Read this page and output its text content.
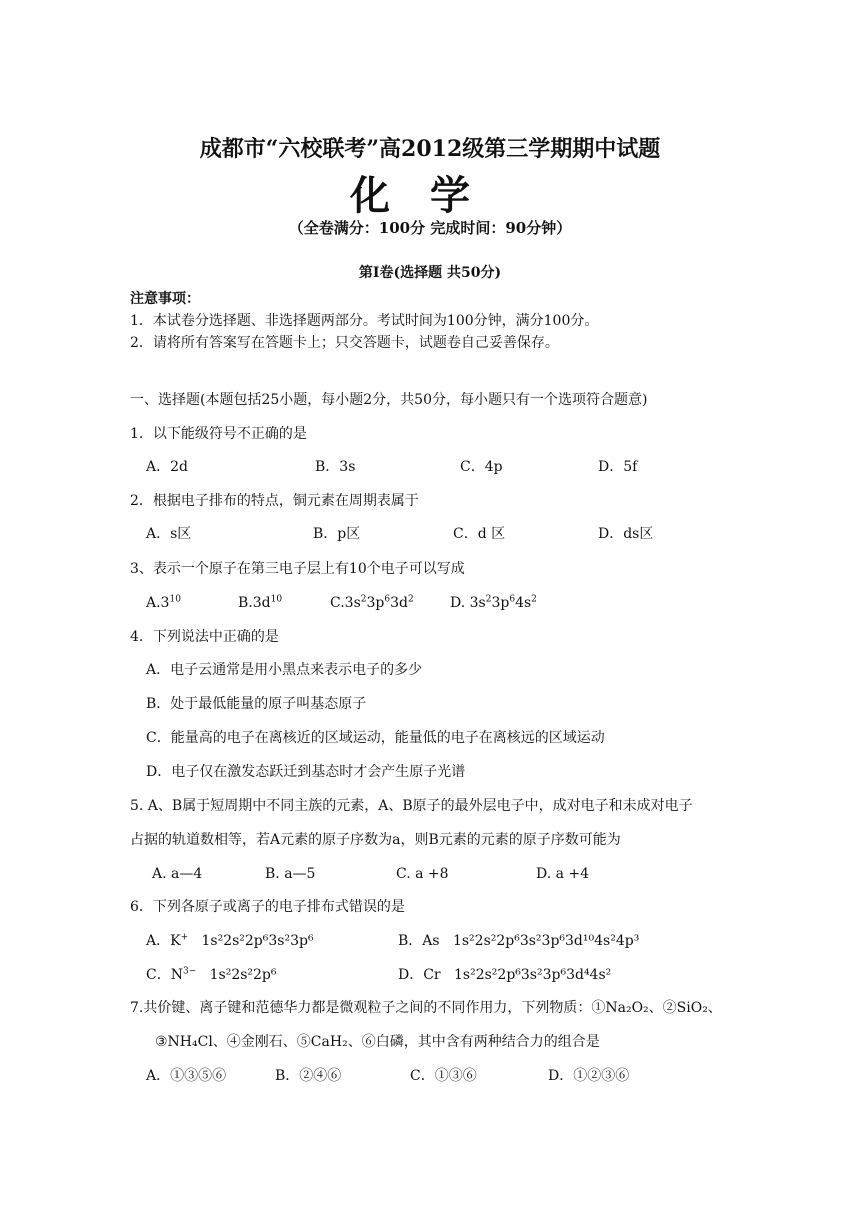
成都市“六校联考”高2012级第三学期期中试题
化学
（全卷满分：100分 完成时间：90分钟）
第Ⅰ卷(选择题 共50分)
注意事项：
1．本试卷分选择题、非选择题两部分。考试时间为100分钟，满分100分。
2．请将所有答案写在答题卡上；只交答题卡，试题卷自己妥善保存。
一、选择题(本题包括25小题，每小题2分，共50分，每小题只有一个选项符合题意)
1．以下能级符号不正确的是
A．2d	B．3s	C．4p	D．5f
2．根据电子排布的特点，铜元素在周期表属于
A．s区	B．p区	C．d 区	D．ds区
3、表示一个原子在第三电子层上有10个电子可以写成
$A.3^{10}$	$B.3d^{10}$	$C.3s^23p^63d^2$	D. $3s^23p^64s^2$
4．下列说法中正确的是
A．电子云通常是用小黑点来表示电子的多少
B．处于最低能量的原子叫基态原子
C．能量高的电子在离核近的区域运动，能量低的电子在离核远的区域运动
D．电子仅在激发态跃迁到基态时才会产生原子光谱
5. A、B属于短周期中不同主族的元素，A、B原子的最外层电子中，成对电子和未成对电子
占据的轨道数相等，若A元素的原子序数为a，则B元素的元素的原子序数可能为
A. a—4	B. a—5	C. a +8	D. a +4
6．下列各原子或离子的电子排布式错误的是
A．K+ 1s²2s²2p⁶3s²3p⁶	B．As 1s²2s²2p⁶3s²3p⁶3d¹⁰4s²4p³
C．$N^{3-}$ 1s²2s²2p⁶	D．Cr 1s²2s²2p⁶3s²3p⁶3d⁴4s²
7.共价键、离子键和范德华力都是微观粒子之间的不同作用力，下列物质：①Na₂O₂、②SiO₂、
③NH₄Cl、④金刚石、⑤CaH₂、⑥白磷，其中含有两种结合力的组合是
A．①③⑤⑥	B．②④⑥	C．①③⑥	D．①②③⑥
